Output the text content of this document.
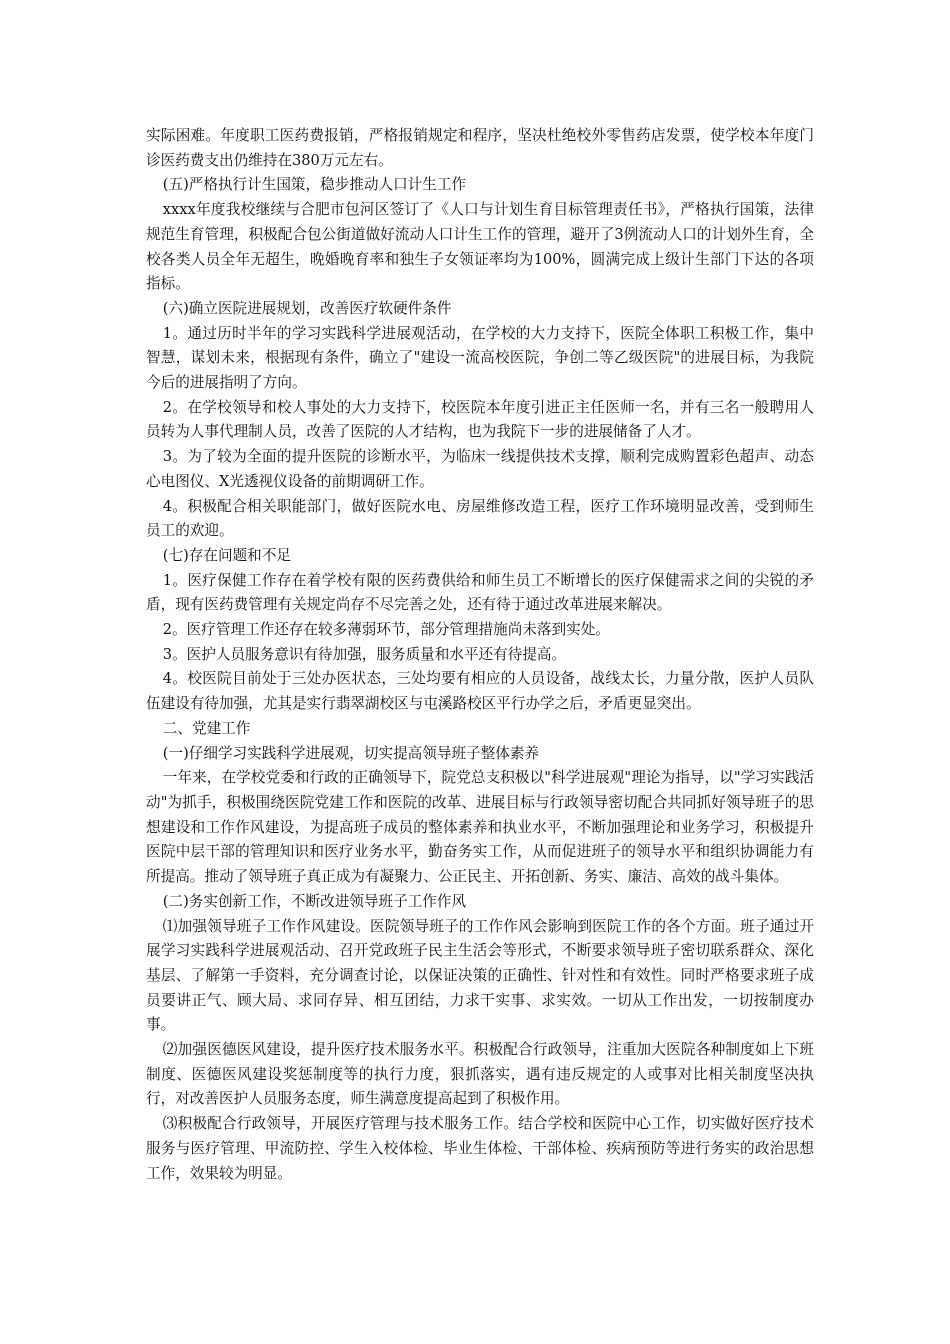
实际困难。年度职工医药费报销，严格报销规定和程序，坚决杜绝校外零售药店发票，使学校本年度门诊医药费支出仍维持在380万元左右。

(五)严格执行计生国策，稳步推动人口计生工作

xxxx年度我校继续与合肥市包河区签订了《人口与计划生育目标管理责任书》，严格执行国策，法律规范生育管理，积极配合包公街道做好流动人口计生工作的管理，避开了3例流动人口的计划外生育，全校各类人员全年无超生，晚婚晚育率和独生子女领证率均为100%，圆满完成上级计生部门下达的各项指标。

(六)确立医院进展规划，改善医疗软硬件条件

1。通过历时半年的学习实践科学进展观活动，在学校的大力支持下，医院全体职工积极工作，集中智慧，谋划未来，根据现有条件，确立了"建设一流高校医院，争创二等乙级医院"的进展目标，为我院今后的进展指明了方向。

2。在学校领导和校人事处的大力支持下，校医院本年度引进正主任医师一名，并有三名一般聘用人员转为人事代理制人员，改善了医院的人才结构，也为我院下一步的进展储备了人才。

3。为了较为全面的提升医院的诊断水平，为临床一线提供技术支撑，顺利完成购置彩色超声、动态心电图仪、X光透视仪设备的前期调研工作。

4。积极配合相关职能部门，做好医院水电、房屋维修改造工程，医疗工作环境明显改善，受到师生员工的欢迎。

(七)存在问题和不足

1。医疗保健工作存在着学校有限的医药费供给和师生员工不断增长的医疗保健需求之间的尖锐的矛盾，现有医药费管理有关规定尚存不尽完善之处，还有待于通过改革进展来解决。

2。医疗管理工作还存在较多薄弱环节，部分管理措施尚未落到实处。

3。医护人员服务意识有待加强，服务质量和水平还有待提高。

4。校医院目前处于三处办医状态，三处均要有相应的人员设备，战线太长，力量分散，医护人员队伍建设有待加强，尤其是实行翡翠湖校区与屯溪路校区平行办学之后，矛盾更显突出。

二、党建工作

(一)仔细学习实践科学进展观，切实提高领导班子整体素养

一年来，在学校党委和行政的正确领导下，院党总支积极以"科学进展观"理论为指导，以"学习实践活动"为抓手，积极围绕医院党建工作和医院的改革、进展目标与行政领导密切配合共同抓好领导班子的思想建设和工作作风建设，为提高班子成员的整体素养和执业水平，不断加强理论和业务学习，积极提升医院中层干部的管理知识和医疗业务水平，勤奋务实工作，从而促进班子的领导水平和组织协调能力有所提高。推动了领导班子真正成为有凝聚力、公正民主、开拓创新、务实、廉洁、高效的战斗集体。

(二)务实创新工作，不断改进领导班子工作作风

⑴加强领导班子工作作风建设。医院领导班子的工作作风会影响到医院工作的各个方面。班子通过开展学习实践科学进展观活动、召开党政班子民主生活会等形式，不断要求领导班子密切联系群众、深化基层、了解第一手资料，充分调查讨论，以保证决策的正确性、针对性和有效性。同时严格要求班子成员要讲正气、顾大局、求同存异、相互团结，力求干实事、求实效。一切从工作出发，一切按制度办事。

⑵加强医德医风建设，提升医疗技术服务水平。积极配合行政领导，注重加大医院各种制度如上下班制度、医德医风建设奖惩制度等的执行力度，狠抓落实，遇有违反规定的人或事对比相关制度坚决执行，对改善医护人员服务态度，师生满意度提高起到了积极作用。

⑶积极配合行政领导，开展医疗管理与技术服务工作。结合学校和医院中心工作，切实做好医疗技术服务与医疗管理、甲流防控、学生入校体检、毕业生体检、干部体检、疾病预防等进行务实的政治思想工作，效果较为明显。
